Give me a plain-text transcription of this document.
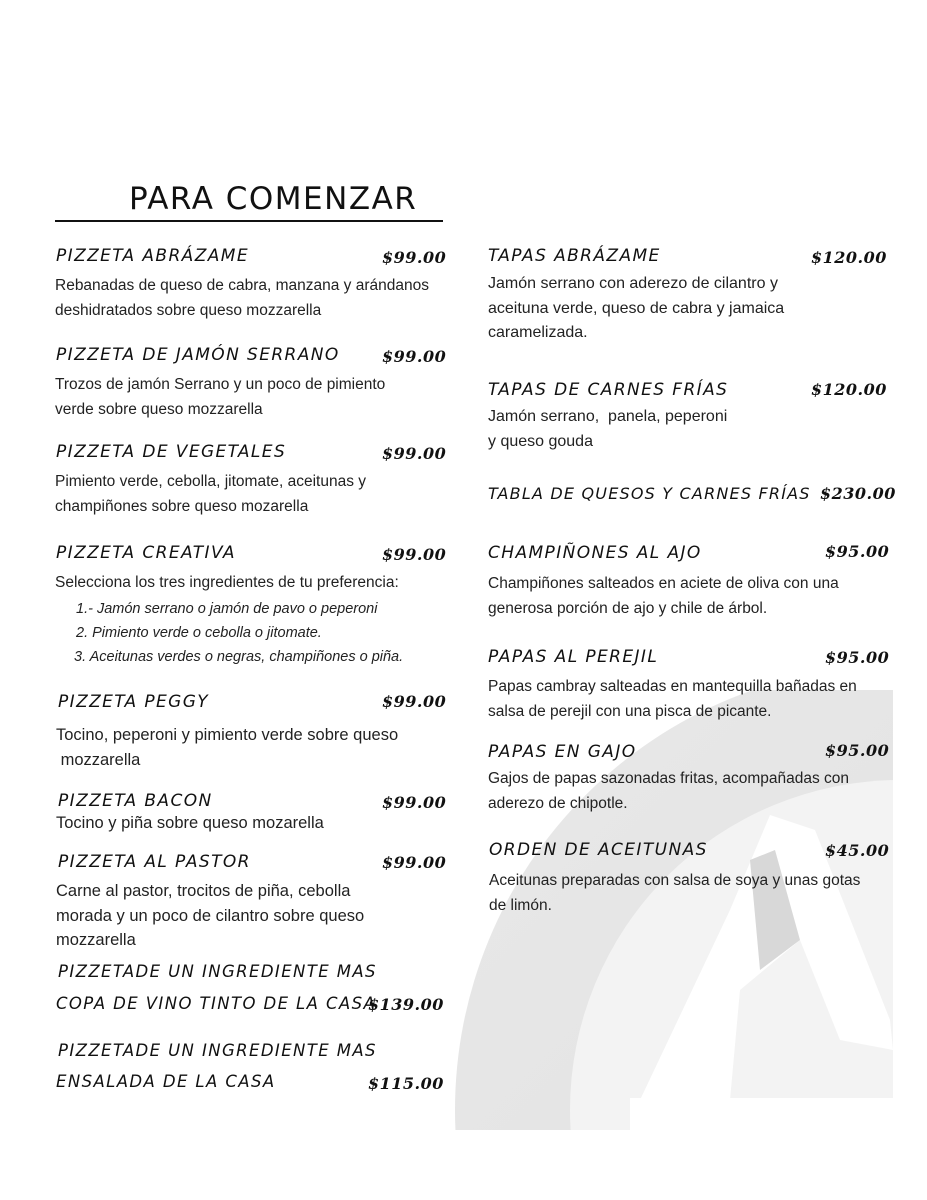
PARA COMENZAR
PIZZETA ABRÁZAME	$99.00
Rebanadas de queso de cabra, manzana y arándanos
deshidratados sobre queso mozzarella
PIZZETA DE JAMÓN SERRANO	$99.00
Trozos de jamón Serrano y un poco de pimiento
verde sobre queso mozzarella
PIZZETA DE VEGETALES	$99.00
Pimiento verde, cebolla, jitomate, aceitunas y
champiñones sobre queso mozarella
PIZZETA CREATIVA	$99.00
Selecciona los tres ingredientes de tu preferencia:
1.- Jamón serrano o jamón de pavo o peperoni
2. Pimiento verde o cebolla o jitomate.
3. Aceitunas verdes o negras, champiñones o piña.
PIZZETA PEGGY	$99.00
Tocino, peperoni y pimiento verde sobre queso
mozzarella
PIZZETA BACON	$99.00
Tocino y piña sobre queso mozarella
PIZZETA AL PASTOR	$99.00
Carne al pastor, trocitos de piña, cebolla
morada y un poco de cilantro sobre queso
mozzarella
PIZZETADE UN INGREDIENTE MAS
COPA DE VINO TINTO DE LA CASA
$139.00
PIZZETADE UN INGREDIENTE MAS
ENSALADA DE LA CASA	$115.00
TAPAS ABRÁZAME	$120.00
Jamón serrano con aderezo de cilantro y
aceituna verde, queso de cabra y jamaica
caramelizada.
TAPAS DE CARNES FRÍAS	$120.00
Jamón serrano,  panela, peperoni
y queso gouda
TABLA DE QUESOS Y CARNES FRÍAS $230.00
CHAMPIÑONES AL AJO	$95.00
Champiñones salteados en aciete de oliva con una
generosa porción de ajo y chile de árbol.
PAPAS AL PEREJIL	$95.00
Papas cambray salteadas en mantequilla bañadas en
salsa de perejil con una pisca de picante.
PAPAS EN GAJO	$95.00
Gajos de papas sazonadas fritas, acompañadas con
aderezo de chipotle.
ORDEN DE ACEITUNAS	$45.00
Aceitunas preparadas con salsa de soya y unas gotas
de limón.
